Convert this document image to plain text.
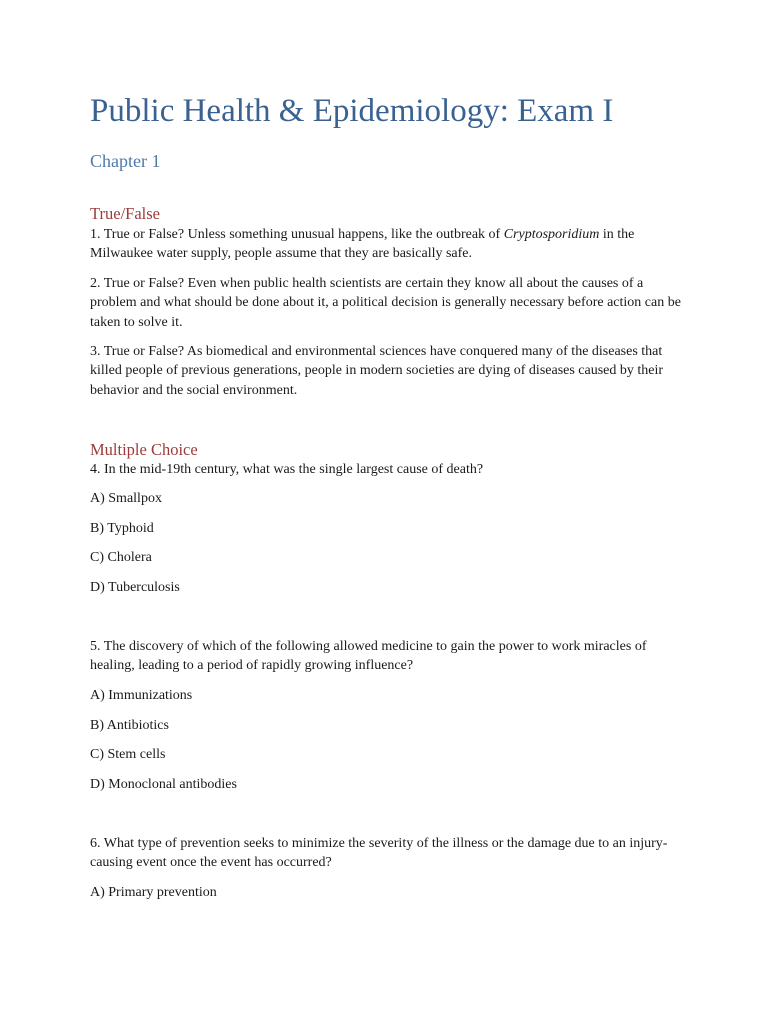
Public Health & Epidemiology: Exam I
Chapter 1
True/False

1. True or False? Unless something unusual happens, like the outbreak of Cryptosporidium in the Milwaukee water supply, people assume that they are basically safe.

2. True or False? Even when public health scientists are certain they know all about the causes of a problem and what should be done about it, a political decision is generally necessary before action can be taken to solve it.

3. True or False? As biomedical and environmental sciences have conquered many of the diseases that killed people of previous generations, people in modern societies are dying of diseases caused by their behavior and the social environment.

Multiple Choice

4. In the mid-19th century, what was the single largest cause of death?

A) Smallpox

B) Typhoid

C) Cholera

D) Tuberculosis

5. The discovery of which of the following allowed medicine to gain the power to work miracles of healing, leading to a period of rapidly growing influence?

A) Immunizations

B) Antibiotics

C) Stem cells

D) Monoclonal antibodies

6. What type of prevention seeks to minimize the severity of the illness or the damage due to an injury-causing event once the event has occurred?

A) Primary prevention
